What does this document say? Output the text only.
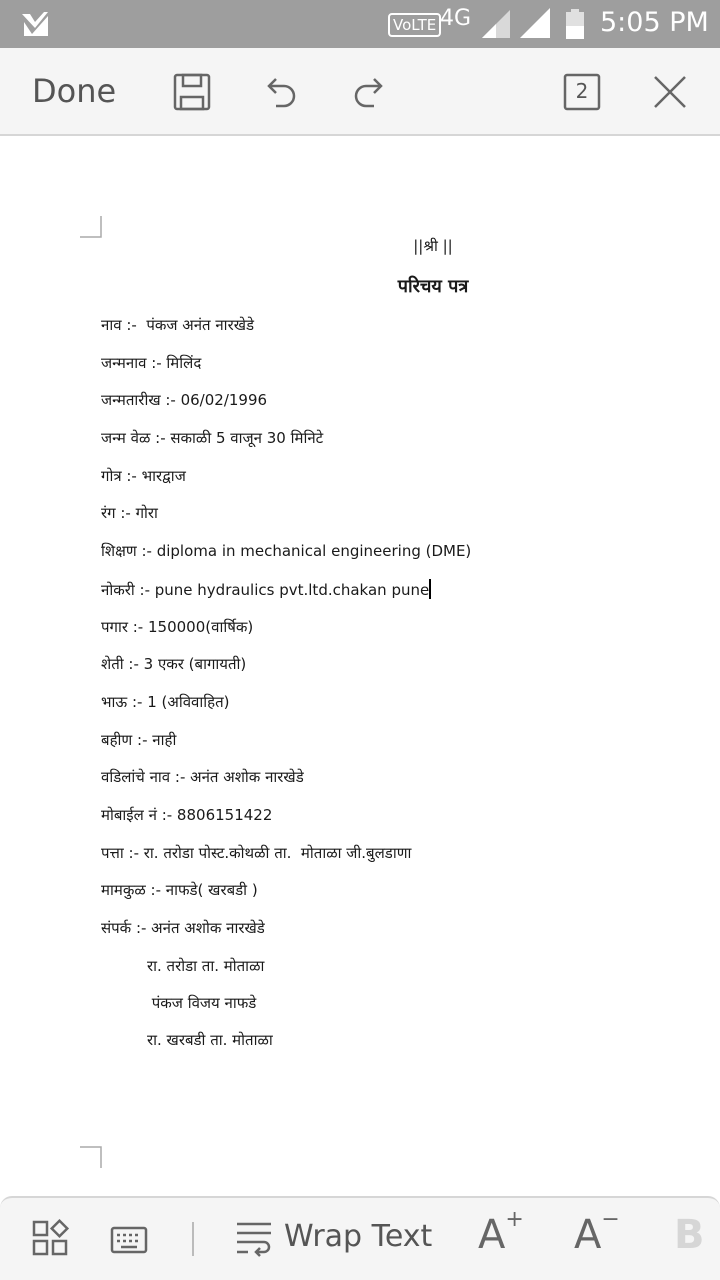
VoLTE 4G	5:05 PM
Done	2
||श्री ||
परिचय पत्र
नाव :-  पंकज अनंत नारखेडे
जन्मनाव :- मिलिंद
जन्मतारीख :- 06/02/1996
जन्म वेळ :- सकाळी 5 वाजून 30 मिनिटे
गोत्र :- भारद्वाज
रंग :- गोरा
शिक्षण :- diploma in mechanical engineering (DME)
नोकरी :- pune hydraulics pvt.ltd.chakan pune
पगार :- 150000(वार्षिक)
शेती :- 3 एकर (बागायती)
भाऊ :- 1 (अविवाहित)
बहीण :- नाही
वडिलांचे नाव :- अनंत अशोक नारखेडे
मोबाईल नं :- 8806151422
पत्ता :- रा. तरोडा पोस्ट.कोथळी ता.  मोताळा जी.बुलडाणा
मामकुळ :- नाफडे( खरबडी )
संपर्क :- अनंत अशोक नारखेडे
रा. तरोडा ता. मोताळा
पंकज विजय नाफडे
रा. खरबडी ता. मोताळा
Wrap Text A+ A− B
